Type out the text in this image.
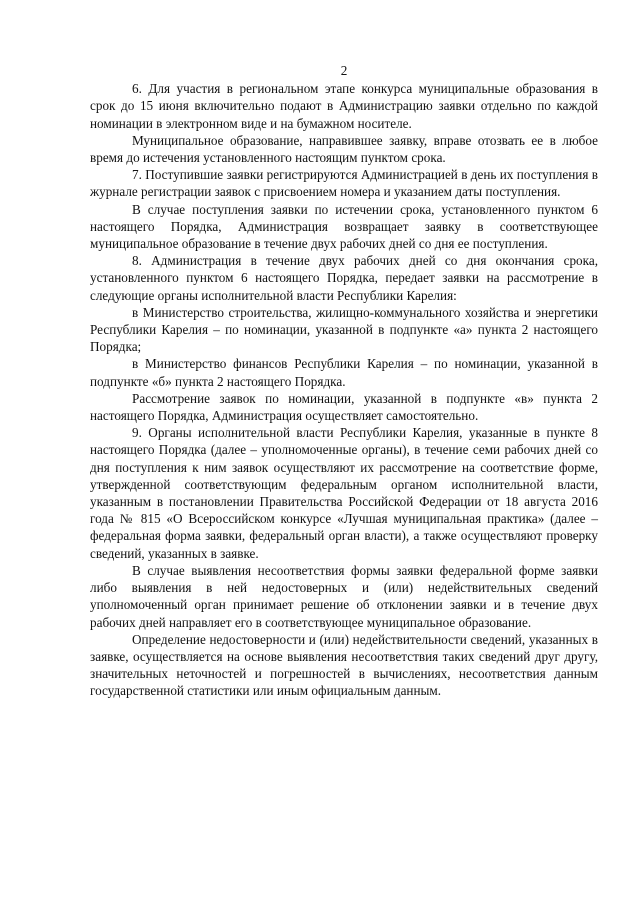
2

6. Для участия в региональном этапе конкурса муниципальные образования в срок до 15 июня включительно подают в Администрацию заявки отдельно по каждой номинации в электронном виде и на бумажном носителе.

Муниципальное образование, направившее заявку, вправе отозвать ее в любое время до истечения установленного настоящим пунктом срока.

7. Поступившие заявки регистрируются Администрацией в день их поступления в журнале регистрации заявок с присвоением номера и указанием даты поступления.

В случае поступления заявки по истечении срока, установленного пунктом 6 настоящего Порядка, Администрация возвращает заявку в соответствующее муниципальное образование в течение двух рабочих дней со дня ее поступления.

8. Администрация в течение двух рабочих дней со дня окончания срока, установленного пунктом 6 настоящего Порядка, передает заявки на рассмотрение в следующие органы исполнительной власти Республики Карелия:

в Министерство строительства, жилищно-коммунального хозяйства и энергетики Республики Карелия – по номинации, указанной в подпункте «а» пункта 2 настоящего Порядка;

в Министерство финансов Республики Карелия – по номинации, указанной в подпункте «б» пункта 2 настоящего Порядка.

Рассмотрение заявок по номинации, указанной в подпункте «в» пункта 2 настоящего Порядка, Администрация осуществляет самостоятельно.

9. Органы исполнительной власти Республики Карелия, указанные в пункте 8 настоящего Порядка (далее – уполномоченные органы), в течение семи рабочих дней со дня поступления к ним заявок осуществляют их рассмотрение на соответствие форме, утвержденной соответствующим федеральным органом исполнительной власти, указанным в постановлении Правительства Российской Федерации от 18 августа 2016 года № 815 «О Всероссийском конкурсе «Лучшая муниципальная практика» (далее – федеральная форма заявки, федеральный орган власти), а также осуществляют проверку сведений, указанных в заявке.

В случае выявления несоответствия формы заявки федеральной форме заявки либо выявления в ней недостоверных и (или) недействительных сведений уполномоченный орган принимает решение об отклонении заявки и в течение двух рабочих дней направляет его в соответствующее муниципальное образование.

Определение недостоверности и (или) недействительности сведений, указанных в заявке, осуществляется на основе выявления несоответствия таких сведений друг другу, значительных неточностей и погрешностей в вычислениях, несоответствия данным государственной статистики или иным официальным данным.
